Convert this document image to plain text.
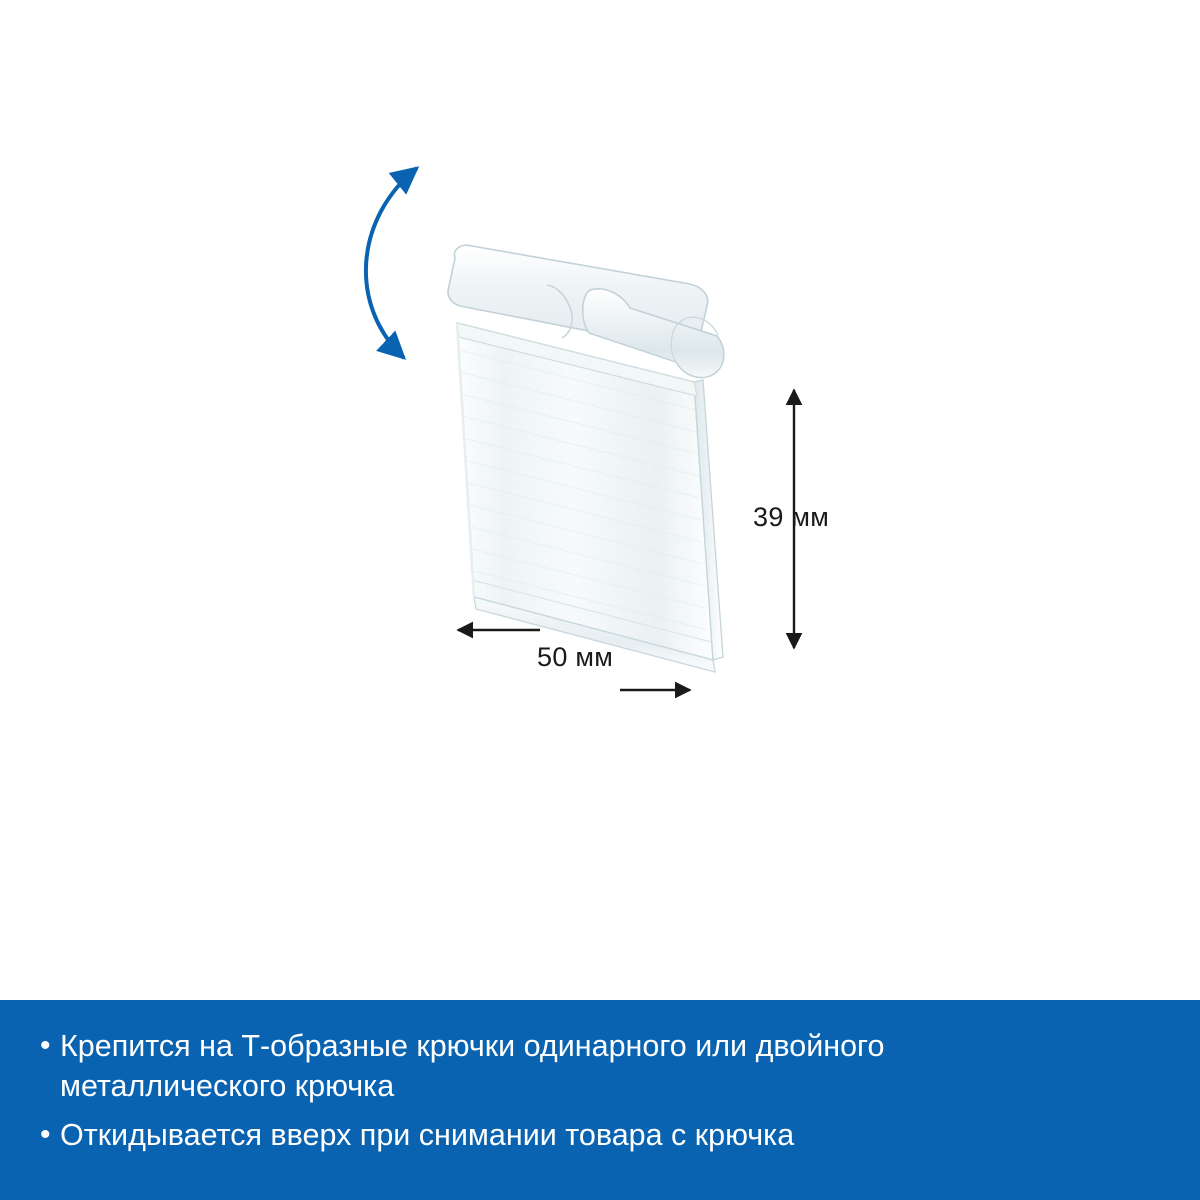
39 мм
50 мм
• Крепится на Т-образные крючки одинарного или двойного металлического крючка
• Откидывается вверх при снимании товара с крючка
